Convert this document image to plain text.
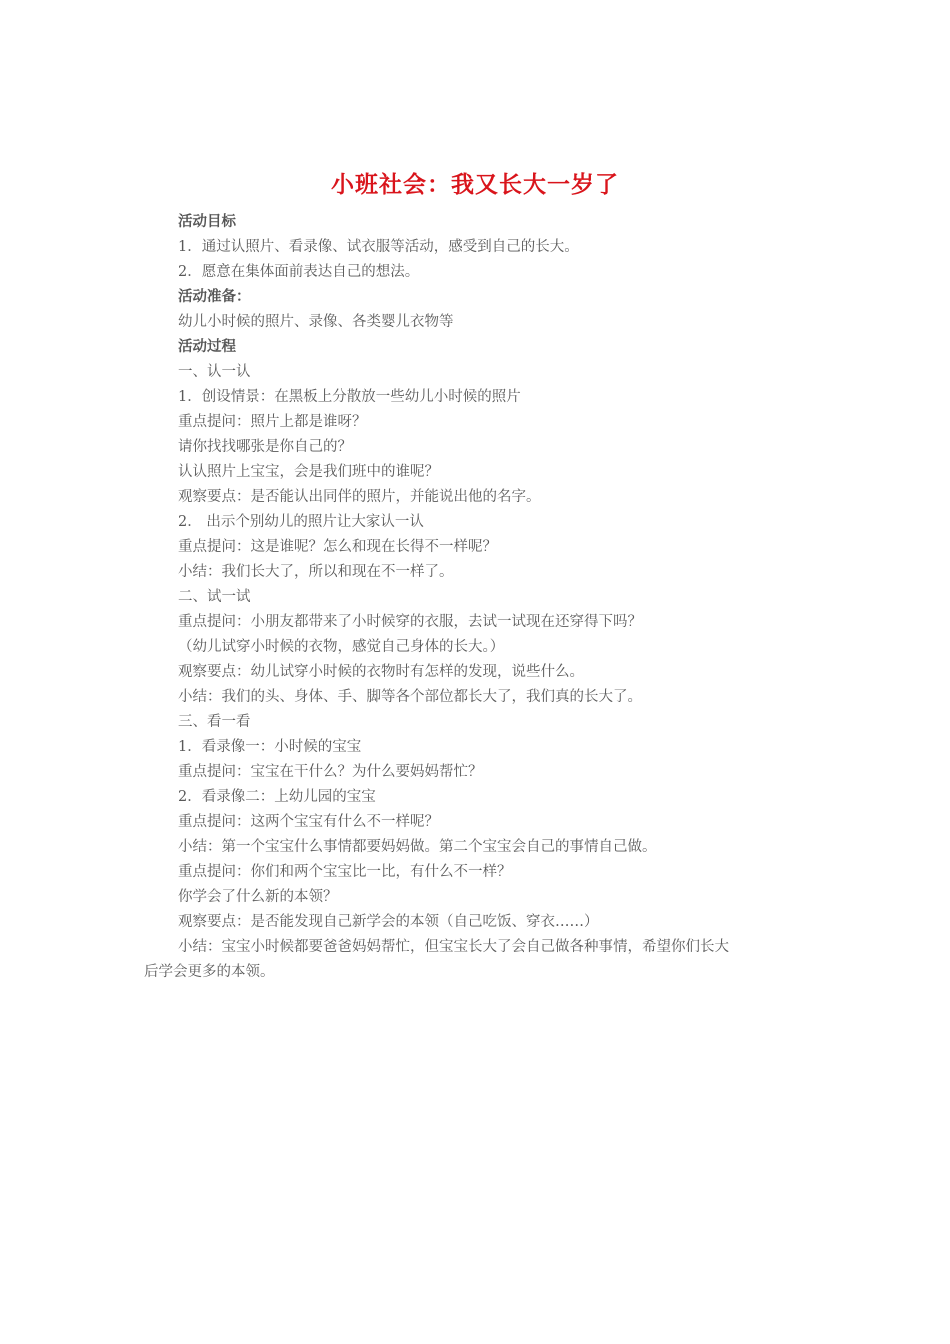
小班社会：我又长大一岁了
活动目标
1．通过认照片、看录像、试衣服等活动，感受到自己的长大。
2．愿意在集体面前表达自己的想法。
活动准备：
幼儿小时候的照片、录像、各类婴儿衣物等
活动过程
一、认一认
1．创设情景：在黑板上分散放一些幼儿小时候的照片
重点提问：照片上都是谁呀？
请你找找哪张是你自己的？
认认照片上宝宝，会是我们班中的谁呢？
观察要点：是否能认出同伴的照片，并能说出他的名字。
2． 出示个别幼儿的照片让大家认一认
重点提问：这是谁呢？怎么和现在长得不一样呢？
小结：我们长大了，所以和现在不一样了。
二、试一试
重点提问：小朋友都带来了小时候穿的衣服，去试一试现在还穿得下吗？
（幼儿试穿小时候的衣物，感觉自己身体的长大。）
观察要点：幼儿试穿小时候的衣物时有怎样的发现，说些什么。
小结：我们的头、身体、手、脚等各个部位都长大了，我们真的长大了。
三、看一看
1．看录像一：小时候的宝宝
重点提问：宝宝在干什么？为什么要妈妈帮忙？
2．看录像二：上幼儿园的宝宝
重点提问：这两个宝宝有什么不一样呢？
小结：第一个宝宝什么事情都要妈妈做。第二个宝宝会自己的事情自己做。
重点提问：你们和两个宝宝比一比，有什么不一样？
你学会了什么新的本领？
观察要点：是否能发现自己新学会的本领（自己吃饭、穿衣……）
小结：宝宝小时候都要爸爸妈妈帮忙，但宝宝长大了会自己做各种事情，希望你们长大
后学会更多的本领。
